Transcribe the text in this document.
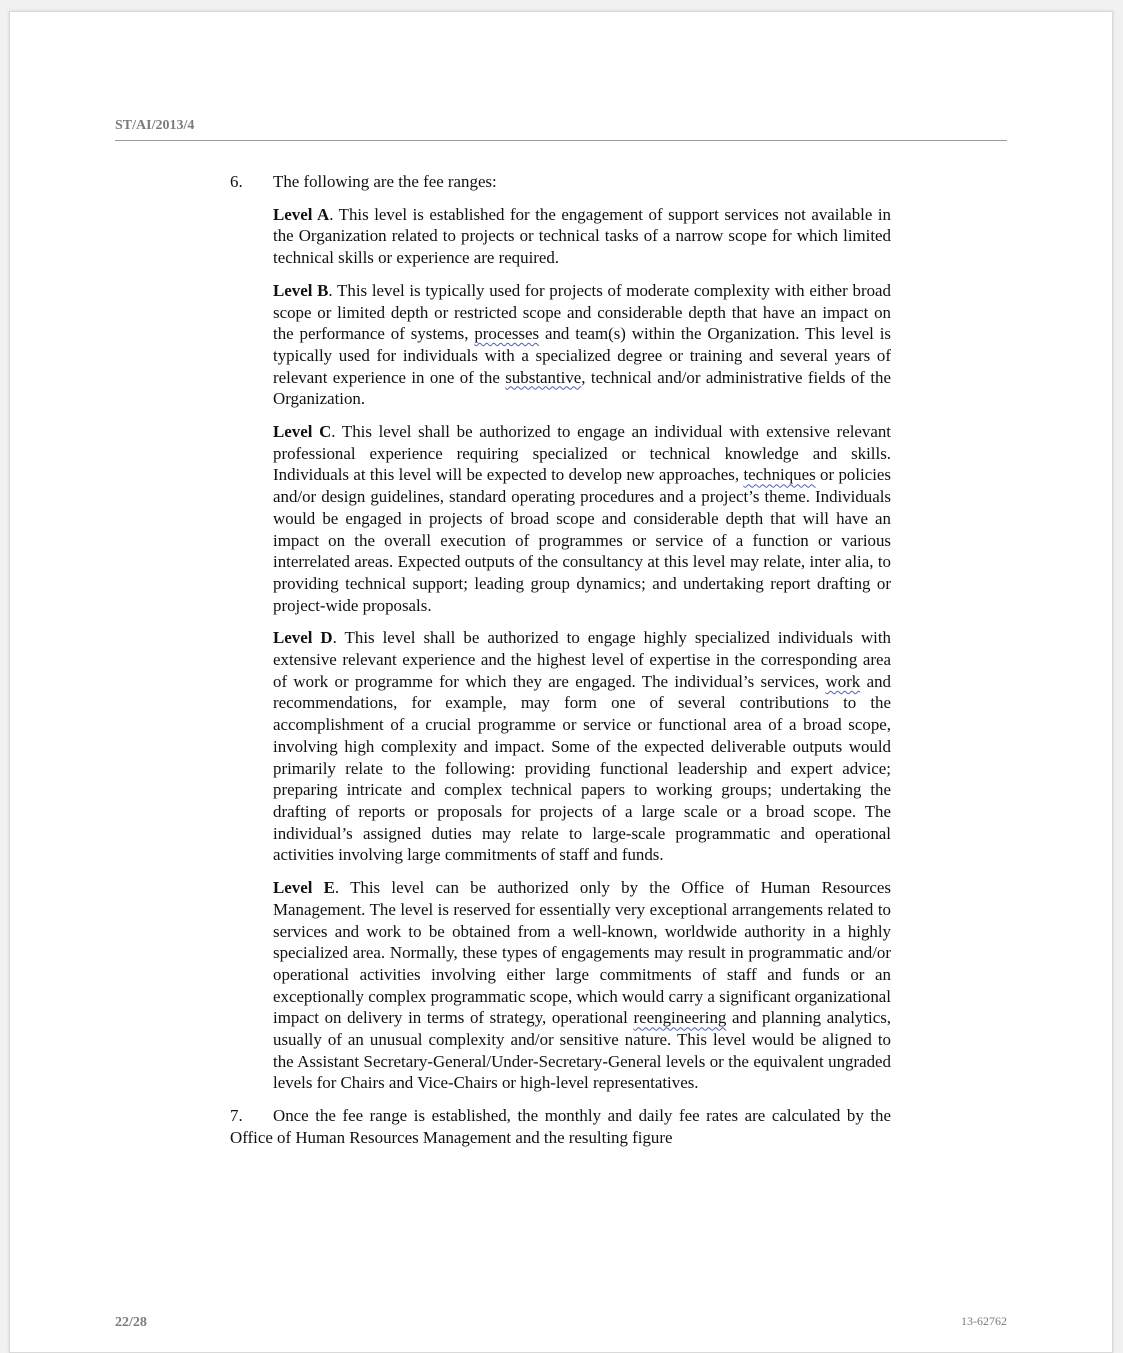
ST/AI/2013/4
6.	The following are the fee ranges:

Level A. This level is established for the engagement of support services not available in the Organization related to projects or technical tasks of a narrow scope for which limited technical skills or experience are required.

Level B. This level is typically used for projects of moderate complexity with either broad scope or limited depth or restricted scope and considerable depth that have an impact on the performance of systems, processes and team(s) within the Organization. This level is typically used for individuals with a specialized degree or training and several years of relevant experience in one of the substantive, technical and/or administrative fields of the Organization.

Level C. This level shall be authorized to engage an individual with extensive relevant professional experience requiring specialized or technical knowledge and skills. Individuals at this level will be expected to develop new approaches, techniques or policies and/or design guidelines, standard operating procedures and a project’s theme. Individuals would be engaged in projects of broad scope and considerable depth that will have an impact on the overall execution of programmes or service of a function or various interrelated areas. Expected outputs of the consultancy at this level may relate, inter alia, to providing technical support; leading group dynamics; and undertaking report drafting or project-wide proposals.

Level D. This level shall be authorized to engage highly specialized individuals with extensive relevant experience and the highest level of expertise in the corresponding area of work or programme for which they are engaged. The individual’s services, work and recommendations, for example, may form one of several contributions to the accomplishment of a crucial programme or service or functional area of a broad scope, involving high complexity and impact. Some of the expected deliverable outputs would primarily relate to the following: providing functional leadership and expert advice; preparing intricate and complex technical papers to working groups; undertaking the drafting of reports or proposals for projects of a large scale or a broad scope. The individual’s assigned duties may relate to large-scale programmatic and operational activities involving large commitments of staff and funds.

Level E. This level can be authorized only by the Office of Human Resources Management. The level is reserved for essentially very exceptional arrangements related to services and work to be obtained from a well-known, worldwide authority in a highly specialized area. Normally, these types of engagements may result in programmatic and/or operational activities involving either large commitments of staff and funds or an exceptionally complex programmatic scope, which would carry a significant organizational impact on delivery in terms of strategy, operational reengineering and planning analytics, usually of an unusual complexity and/or sensitive nature. This level would be aligned to the Assistant Secretary-General/Under-Secretary-General levels or the equivalent ungraded levels for Chairs and Vice-Chairs or high-level representatives.

7. Once the fee range is established, the monthly and daily fee rates are calculated by the Office of Human Resources Management and the resulting figure

22/28	13-62762
